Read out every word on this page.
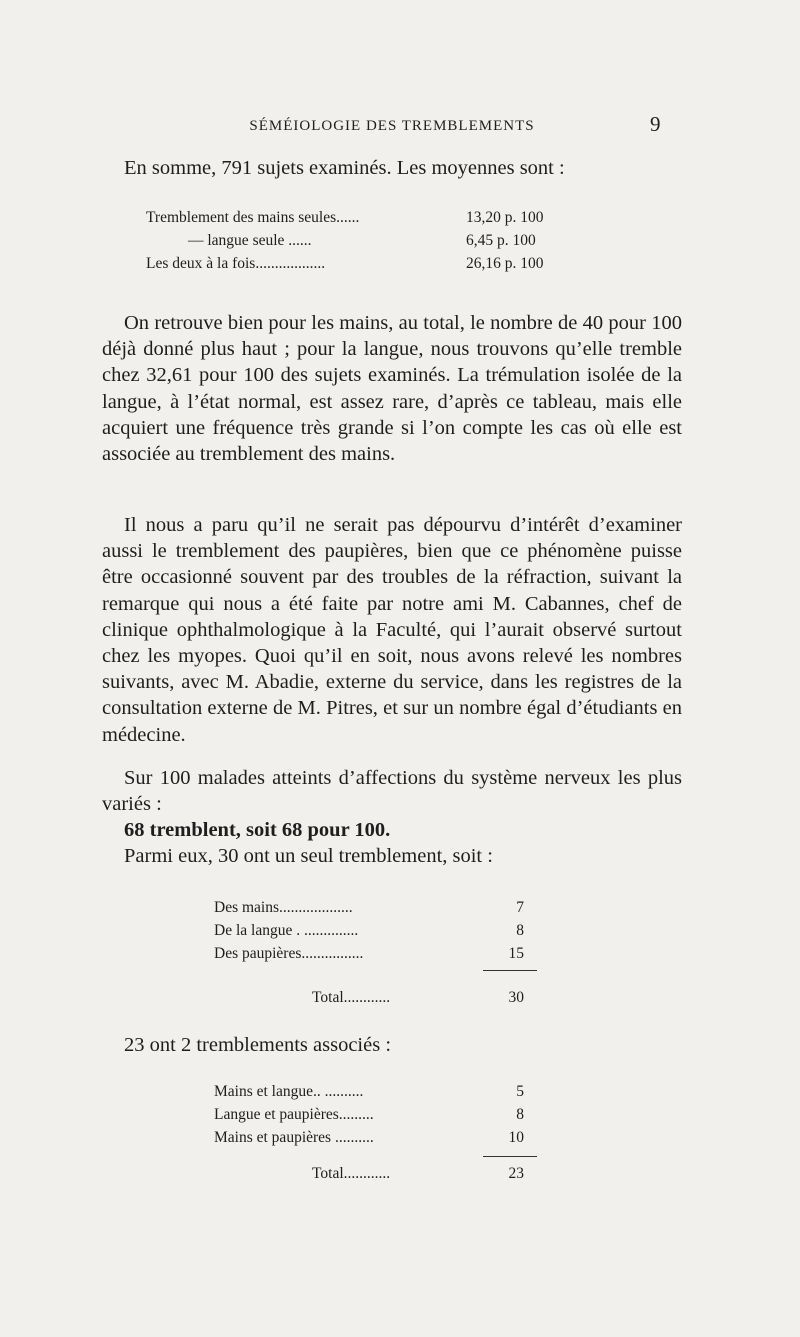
SÉMÉIOLOGIE DES TREMBLEMENTS	9
En somme, 791 sujets examinés. Les moyennes sont :
Tremblement des mains seules......	13,20 p. 100
— langue seule ......	6,45 p. 100
Les deux à la fois..................	26,16 p. 100
On retrouve bien pour les mains, au total, le nombre de 40 pour 100 déjà donné plus haut ; pour la langue, nous trouvons qu’elle tremble chez 32,61 pour 100 des sujets examinés. La trémulation isolée de la langue, à l’état normal, est assez rare, d’après ce tableau, mais elle acquiert une fréquence très grande si l’on compte les cas où elle est associée au tremblement des mains.
Il nous a paru qu’il ne serait pas dépourvu d’intérêt d’examiner aussi le tremblement des paupières, bien que ce phénomène puisse être occasionné souvent par des troubles de la réfraction, suivant la remarque qui nous a été faite par notre ami M. Cabannes, chef de clinique ophthalmologique à la Faculté, qui l’aurait observé surtout chez les myopes. Quoi qu’il en soit, nous avons relevé les nombres suivants, avec M. Abadie, externe du service, dans les registres de la consultation externe de M. Pitres, et sur un nombre égal d’étudiants en médecine.
Sur 100 malades atteints d’affections du système nerveux les plus variés :
68 tremblent, soit 68 pour 100.
Parmi eux, 30 ont un seul tremblement, soit :
Des mains...................	7
De la langue . ..............	8
Des paupières................	15
Total............	30
23 ont 2 tremblements associés :
Mains et langue.. ..........	5
Langue et paupières.........	8
Mains et paupières ..........	10
Total............	23
